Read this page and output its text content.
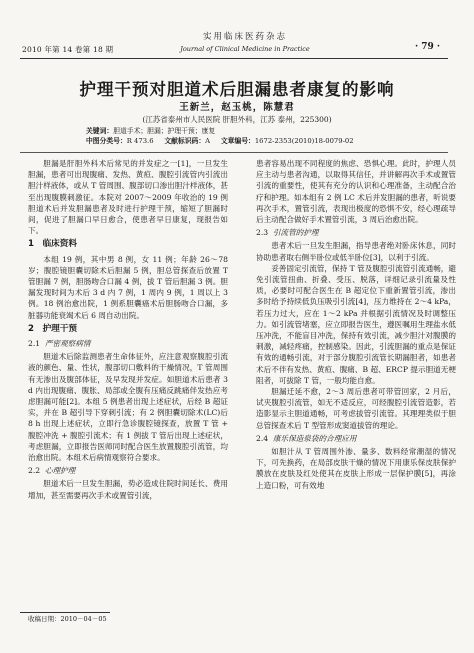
2010 年第 14 卷第 18 期
实用临床医药杂志
Journal of Clinical Medicine in Practice	· 79 ·
护理干预对胆道术后胆漏患者康复的影响
王新兰，赵玉桃，陈慧君
(江苏省泰州市人民医院 肝胆外科，江苏 泰州，225300)
关键词：胆道手术；胆漏；护理干预；康复
中图分类号：R 473.6 文献标识码：A 文章编号：1672-2353(2010)18-0079-02

胆漏是肝胆外科术后常见的并发症之一[1]，一旦发生胆漏，患者可出现腹痛、发热、黄疸、腹腔引流管内引流出胆汁样液体，或从 T 管周围、腹部切口渗出胆汁样液体，甚至出现腹膜刺激征。本院对 2007～2009 年收治的 19 例胆道术后并发胆漏患者及时进行护理干预，缩短了胆漏时间，促进了胆漏口早日愈合，使患者早日康复，现报告如下。

1　临床资料

本组 19 例，其中男 8 例，女 11 例；年龄 26～78 岁；腹腔镜胆囊切除术后胆漏 5 例，胆总管探查后放置 T 管胆漏 7 例，胆肠吻合口漏 4 例，拔 T 管后胆漏 3 例。胆漏发现时间为术后 3 d 内 7 例，1 周内 9 例，1 周以上 3 例。18 例治愈出院，1 例系胆囊癌术后胆肠吻合口漏，多脏器功能衰竭术后 6 周自动出院。

2　护理干预
2.1 严密观察病情

胆道术后除监测患者生命体征外，应注意观察腹腔引流液的颜色、量、性状，腹部切口敷料的干燥情况，T 管周围有无渗出及腹部体征，及早发现并发症。如胆道术后患者 3 d 内出现腹痛、腹胀、局部或全腹有压痛反跳痛伴发热应考虑胆漏可能[2]。本组 5 例患者出现上述症状，后经 B 超证实，并在 B 超引导下穿刺引流；有 2 例胆囊切除术(LC)后 8 h 出现上述症状，立即行急诊腹腔镜探查，放置 T 管 + 腹腔冲洗 + 腹腔引流术；有 1 例拔 T 管后出现上述症状，考虑胆漏，立即报告医师同时配合医生放置腹腔引流管，均治愈出院。本组术后病情观察符合要求。

2.2 心理护理

胆道术后一旦发生胆漏，势必造成住院时间延长、费用增加，甚至需要再次手术或置管引流，

患者容易出现不同程度的焦虑、恐惧心理。此时，护理人员应主动与患者沟通，以取得其信任，并讲解再次手术或置管引流的重要性，使其有充分的认识和心理准备，主动配合治疗和护理。如本组有 2 例 LC 术后并发胆漏的患者，听说要再次手术，置管引流，表现出极度的恐惧不安，经心理疏导后主动配合做好手术置管引流，3 周后治愈出院。

2.3 引流管的护理

患者术后一旦发生胆漏，指导患者绝对卧床休息，同时协助患者取右侧半卧位或低半卧位[3]，以利于引流。

妥善固定引流管，保持 T 管及腹腔引流管引流通畅，避免引流管扭曲、折叠、受压、脱落，详细记录引流量及性质，必要时可配合医生在 B 超定位下重新置管引流，渗出多时给予持续低负压吸引引流[4]，压力维持在 2～4 kPa，若压力过大，应在 1～2 kPa 并根据引流情况及时调整压力。如引流管堵塞，应立即报告医生，遵医嘱用生理盐水低压冲洗，不能盲目冲洗，保持有效引流，减少胆汁对腹膜的刺激，减轻疼痛，控制感染。因此，引流胆漏的重点是保证有效的通畅引流，对于部分腹腔引流管长期漏胆者，如患者术后不伴有发热、黄疸、腹痛、B 超、ERCP 提示胆道无梗阻者，可拔除 T 管，一般均能自愈。

胆漏迁延不愈，2～3 周后患者可带管回家，2 月后，试夹腹腔引流管，如无不适反应，可经腹腔引流管造影，若造影显示主胆道通畅，可考虑拔管引流管。其理理类似于胆总管探查术后 T 型管形成窦道拔管的理论。

2.4 康乐保造泉袋的合理应用

如胆汁从 T 管周围外渗、量多、数料经常潮湿的情况下，可先换药，在局部皮肤干燥的情况下用康乐保皮肤保护膜放在皮肤及红处使其在皮肤上形成一层保护膜[5]，再涂上造口粉，可有效地

收稿日期：2010－04－05
